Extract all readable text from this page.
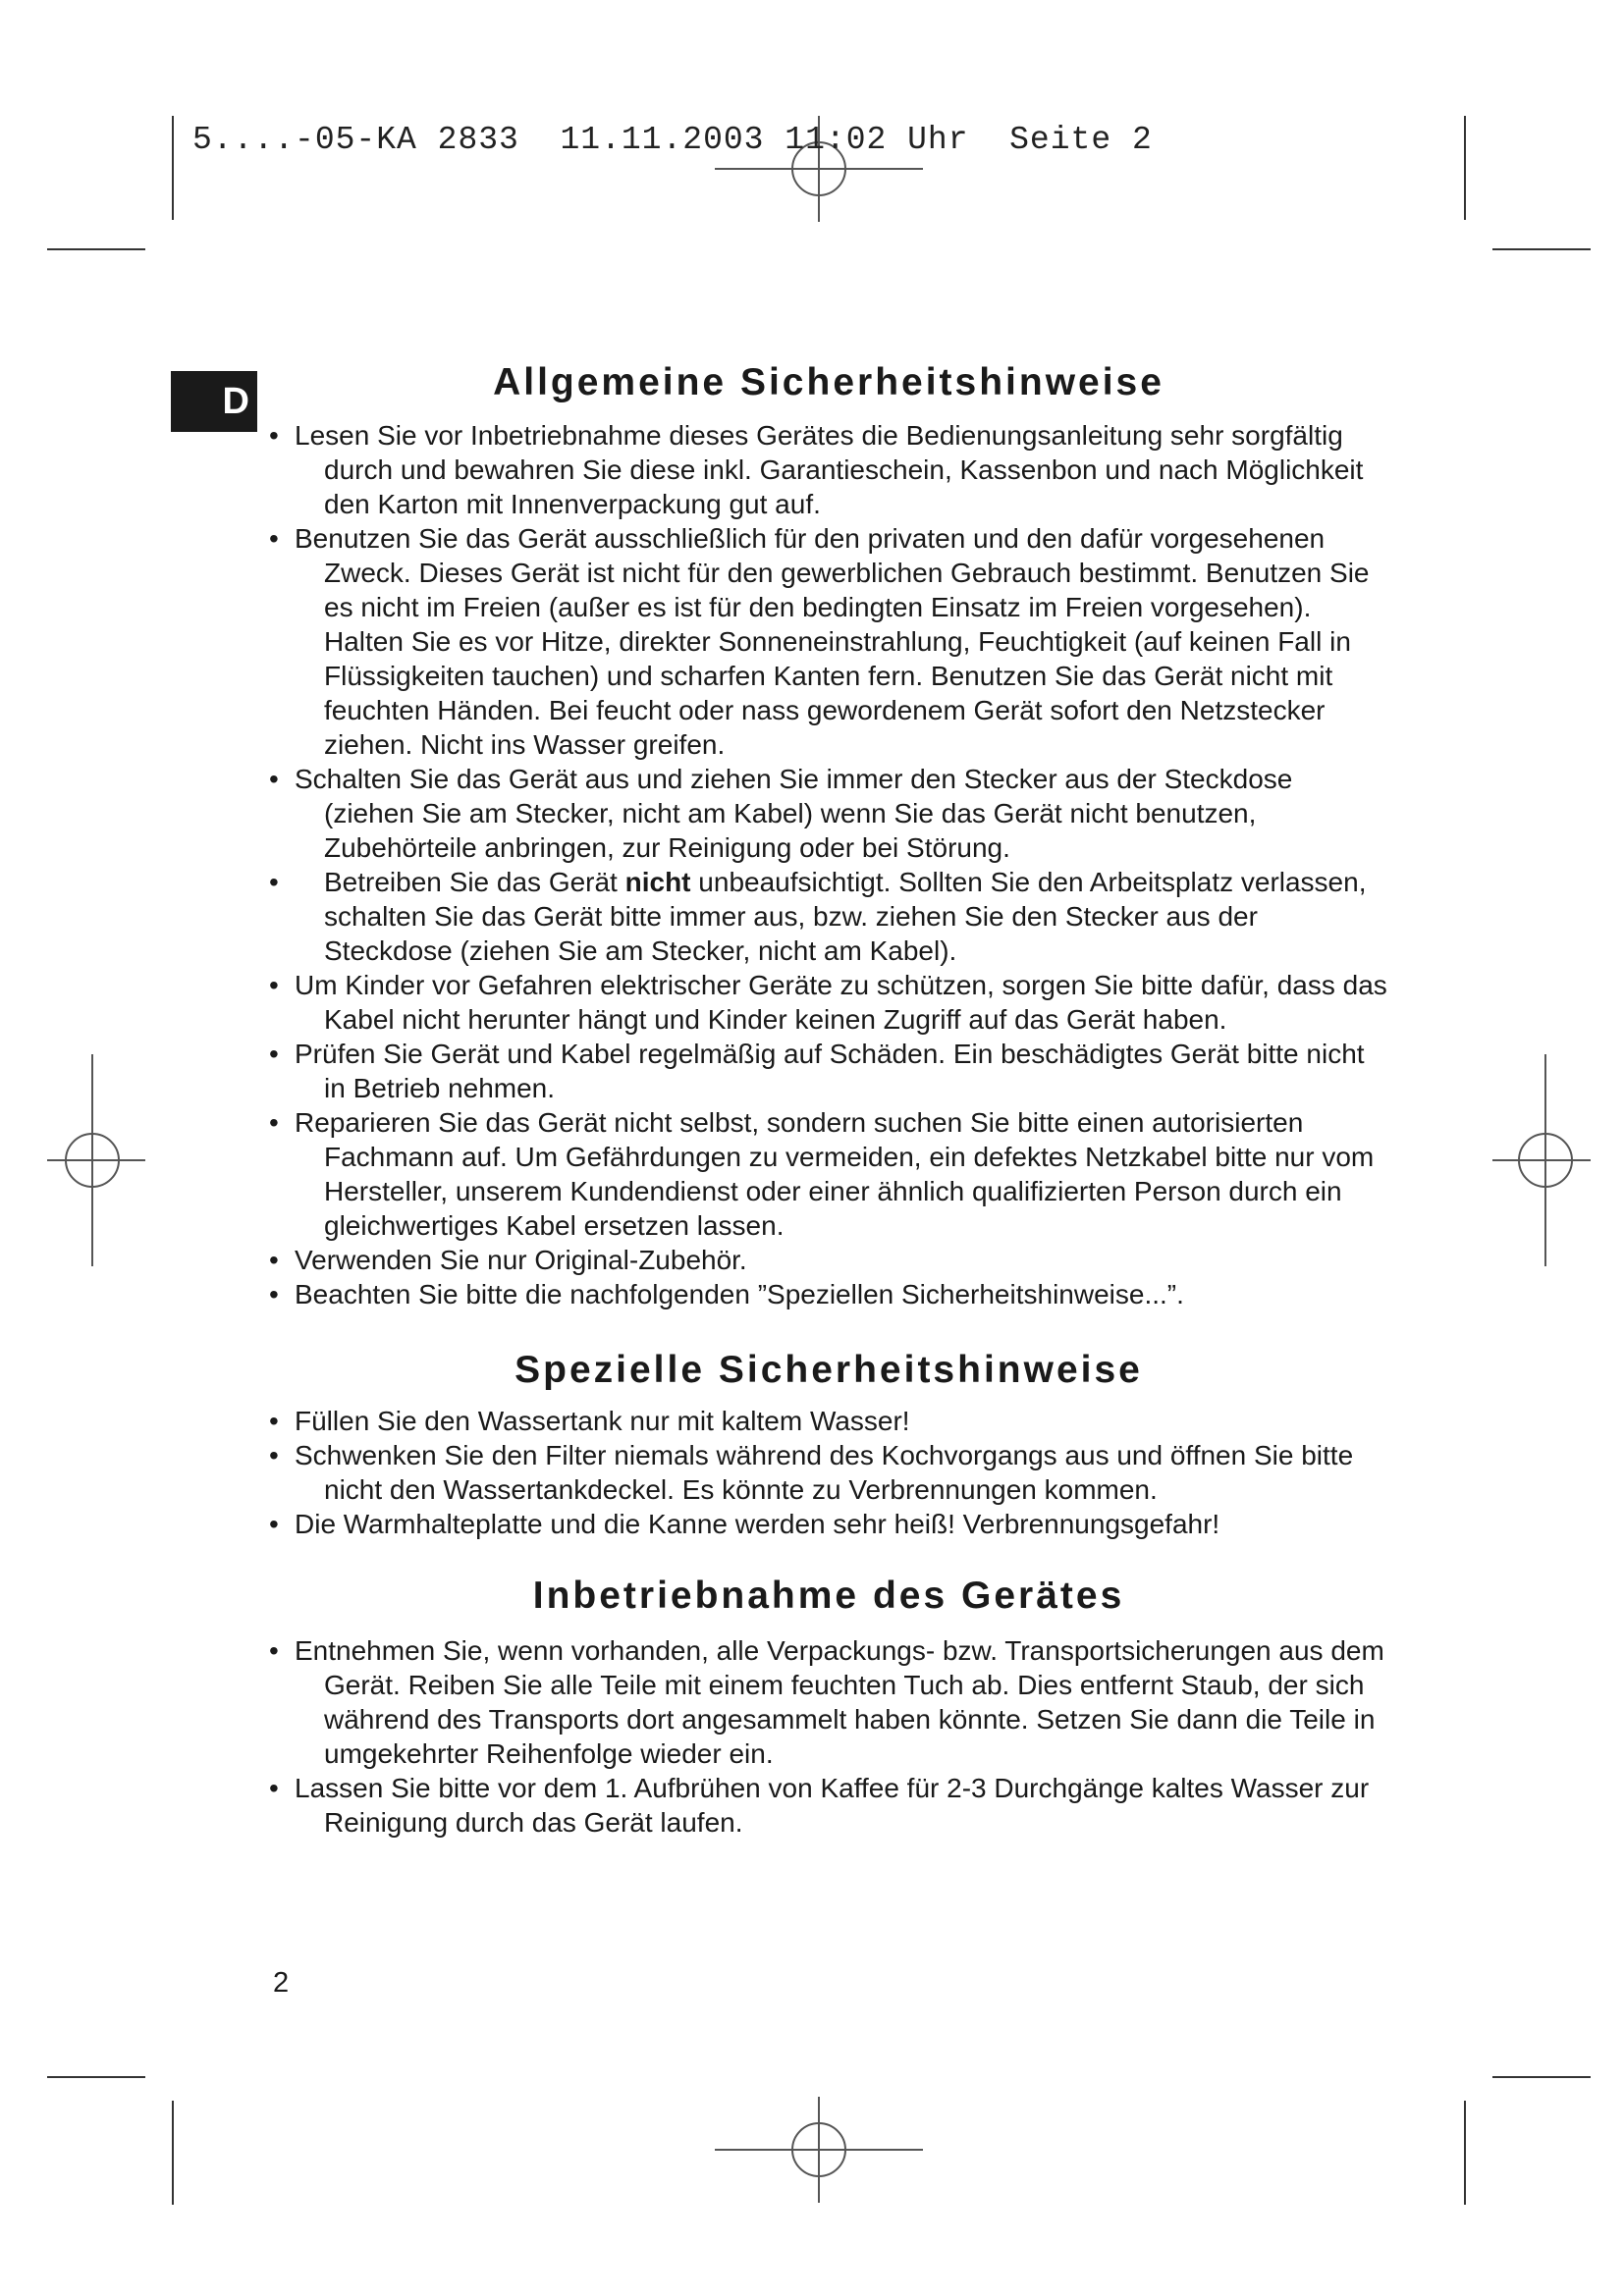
5....-05-KA 2833  11.11.2003 11:02 Uhr  Seite 2
D	Allgemeine Sicherheitshinweise
• Lesen Sie vor Inbetriebnahme dieses Gerätes die Bedienungsanleitung sehr sorgfältig durch und bewahren Sie diese inkl. Garantieschein, Kassenbon und nach Möglichkeit den Karton mit Innenverpackung gut auf.
• Benutzen Sie das Gerät ausschließlich für den privaten und den dafür vorgesehenen Zweck. Dieses Gerät ist nicht für den gewerblichen Gebrauch bestimmt. Benutzen Sie es nicht im Freien (außer es ist für den bedingten Einsatz im Freien vorgesehen). Halten Sie es vor Hitze, direkter Sonneneinstrahlung, Feuchtigkeit (auf keinen Fall in Flüssigkeiten tauchen) und scharfen Kanten fern. Benutzen Sie das Gerät nicht mit feuchten Händen. Bei feucht oder nass gewordenem Gerät sofort den Netzstecker ziehen. Nicht ins Wasser greifen.
• Schalten Sie das Gerät aus und ziehen Sie immer den Stecker aus der Steckdose (ziehen Sie am Stecker, nicht am Kabel) wenn Sie das Gerät nicht benutzen, Zubehörteile anbringen, zur Reinigung oder bei Störung.
• Betreiben Sie das Gerät nicht unbeaufsichtigt. Sollten Sie den Arbeitsplatz verlassen, schalten Sie das Gerät bitte immer aus, bzw. ziehen Sie den Stecker aus der Steckdose (ziehen Sie am Stecker, nicht am Kabel).
• Um Kinder vor Gefahren elektrischer Geräte zu schützen, sorgen Sie bitte dafür, dass das Kabel nicht herunter hängt und Kinder keinen Zugriff auf das Gerät haben.
• Prüfen Sie Gerät und Kabel regelmäßig auf Schäden. Ein beschädigtes Gerät bitte nicht in Betrieb nehmen.
• Reparieren Sie das Gerät nicht selbst, sondern suchen Sie bitte einen autorisierten Fachmann auf. Um Gefährdungen zu vermeiden, ein defektes Netzkabel bitte nur vom Hersteller, unserem Kundendienst oder einer ähnlich qualifizierten Person durch ein gleichwertiges Kabel ersetzen lassen.
• Verwenden Sie nur Original-Zubehör.
• Beachten Sie bitte die nachfolgenden ”Speziellen Sicherheitshinweise...”.
Spezielle Sicherheitshinweise
• Füllen Sie den Wassertank nur mit kaltem Wasser!
• Schwenken Sie den Filter niemals während des Kochvorgangs aus und öffnen Sie bitte nicht den Wassertankdeckel. Es könnte zu Verbrennungen kommen.
• Die Warmhalteplatte und die Kanne werden sehr heiß! Verbrennungsgefahr!
Inbetriebnahme des Gerätes
• Entnehmen Sie, wenn vorhanden, alle Verpackungs- bzw. Transportsicherungen aus dem Gerät. Reiben Sie alle Teile mit einem feuchten Tuch ab. Dies entfernt Staub, der sich während des Transports dort angesammelt haben könnte. Setzen Sie dann die Teile in umgekehrter Reihenfolge wieder ein.
• Lassen Sie bitte vor dem 1. Aufbrühen von Kaffee für 2-3 Durchgänge kaltes Wasser zur Reinigung durch das Gerät laufen.
2
